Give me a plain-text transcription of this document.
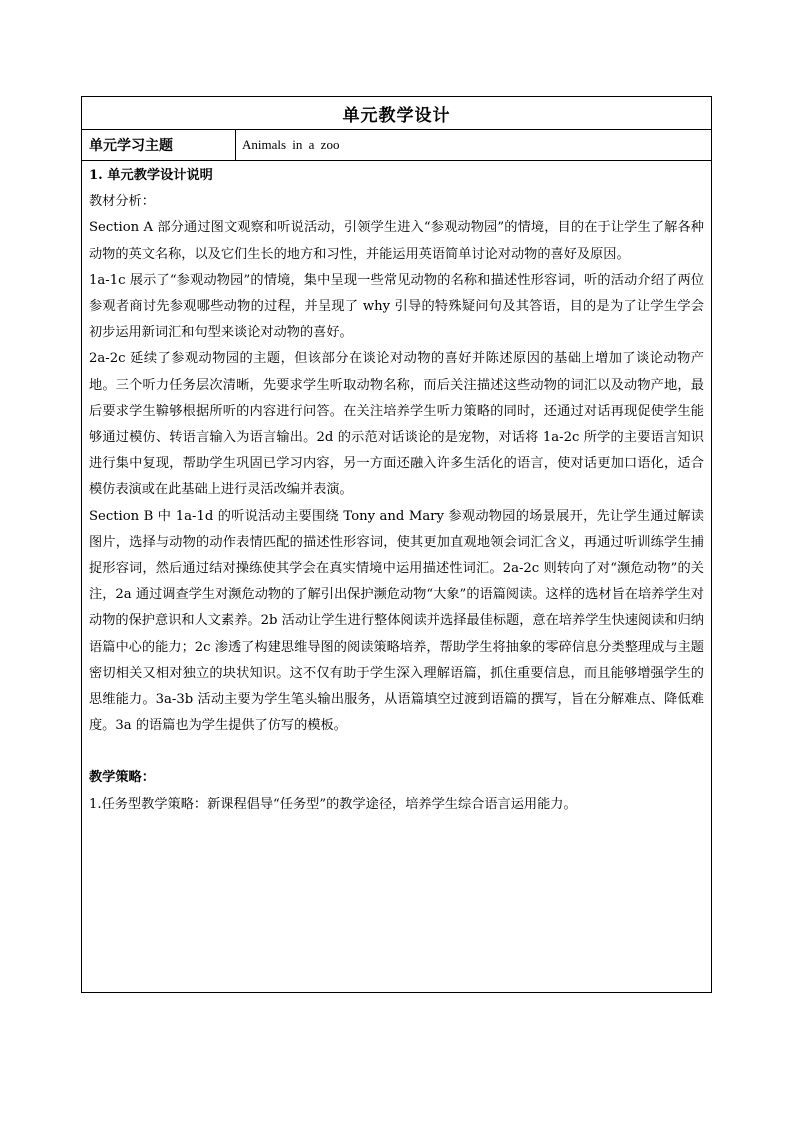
单元教学设计
单元学习主题	Animals in a zoo

1. 单元教学设计说明

教材分析：

Section A 部分通过图文观察和听说活动，引领学生进入“参观动物园”的情境，目的在于让学生了解各种动物的英文名称，以及它们生长的地方和习性，并能运用英语简单讨论对动物的喜好及原因。

1a-1c 展示了“参观动物园”的情境，集中呈现一些常见动物的名称和描述性形容词，听的活动介绍了两位参观者商讨先参观哪些动物的过程，并呈现了 why 引导的特殊疑问句及其答语，目的是为了让学生学会初步运用新词汇和句型来谈论对动物的喜好。

2a-2c 延续了参观动物园的主题，但该部分在谈论对动物的喜好并陈述原因的基础上增加了谈论动物产地。三个听力任务层次清晰，先要求学生听取动物名称，而后关注描述这些动物的词汇以及动物产地，最后要求学生鞥够根据所听的内容进行问答。在关注培养学生听力策略的同时，还通过对话再现促使学生能够通过模仿、转语言输入为语言输出。2d 的示范对话谈论的是宠物，对话将 1a-2c 所学的主要语言知识进行集中复现，帮助学生巩固已学习内容，另一方面还融入许多生活化的语言，使对话更加口语化，适合模仿表演或在此基础上进行灵活改编并表演。

Section B 中 1a-1d 的听说活动主要围绕 Tony and Mary 参观动物园的场景展开，先让学生通过解读图片，选择与动物的动作表情匹配的描述性形容词，使其更加直观地领会词汇含义，再通过听训练学生捕捉形容词，然后通过结对操练使其学会在真实情境中运用描述性词汇。2a-2c 则转向了对“濒危动物”的关注，2a 通过调查学生对濒危动物的了解引出保护濒危动物“大象”的语篇阅读。这样的选材旨在培养学生对动物的保护意识和人文素养。2b 活动让学生进行整体阅读并选择最佳标题，意在培养学生快速阅读和归纳语篇中心的能力；2c 渗透了构建思维导图的阅读策略培养，帮助学生将抽象的零碎信息分类整理成与主题密切相关又相对独立的块状知识。这不仅有助于学生深入理解语篇，抓住重要信息，而且能够增强学生的思维能力。3a-3b 活动主要为学生笔头输出服务，从语篇填空过渡到语篇的撰写，旨在分解难点、降低难度。3a 的语篇也为学生提供了仿写的模板。

教学策略：

1.任务型教学策略：新课程倡导“任务型”的教学途径，培养学生综合语言运用能力。
